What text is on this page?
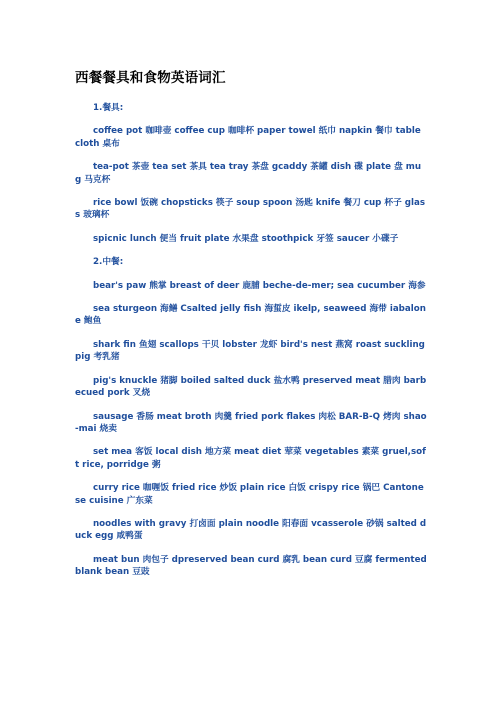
西餐餐具和食物英语词汇

1.餐具:

coffee pot 咖啡壶 coffee cup 咖啡杯 paper towel 纸巾 napkin 餐巾 table cloth 桌布

tea-pot 茶壶 tea set 茶具 tea tray 茶盘 gcaddy 茶罐 dish 碟 plate 盘 mug 马克杯

rice bowl 饭碗 chopsticks 筷子 soup spoon 汤匙 knife 餐刀 cup 杯子 glass 玻璃杯

spicnic lunch 便当 fruit plate 水果盘 stoothpick 牙签 saucer 小碟子

2.中餐:

bear's paw 熊掌 breast of deer 鹿脯 beche-de-mer; sea cucumber 海参

sea sturgeon 海鳝 Csalted jelly fish 海蜇皮 ikelp, seaweed 海带 iabalone 鲍鱼

shark fin 鱼翅 scallops 干贝 lobster 龙虾 bird's nest 燕窝 roast suckling pig 考乳猪

pig's knuckle 猪脚 boiled salted duck 盐水鸭 preserved meat 腊肉 barbecued pork 叉烧

sausage 香肠 meat broth 肉羹 fried pork flakes 肉松 BAR-B-Q 烤肉 shao-mai 烧卖

set mea 客饭 local dish 地方菜 meat diet 荤菜 vegetables 素菜 gruel,soft rice, porridge 粥

curry rice 咖喱饭 fried rice 炒饭 plain rice 白饭 crispy rice 锅巴 Cantonese cuisine 广东菜

noodles with gravy 打卤面 plain noodle 阳春面 vcasserole 砂锅 salted duck egg 咸鸭蛋

meat bun 肉包子 dpreserved bean curd 腐乳 bean curd 豆腐 fermented blank bean 豆豉
